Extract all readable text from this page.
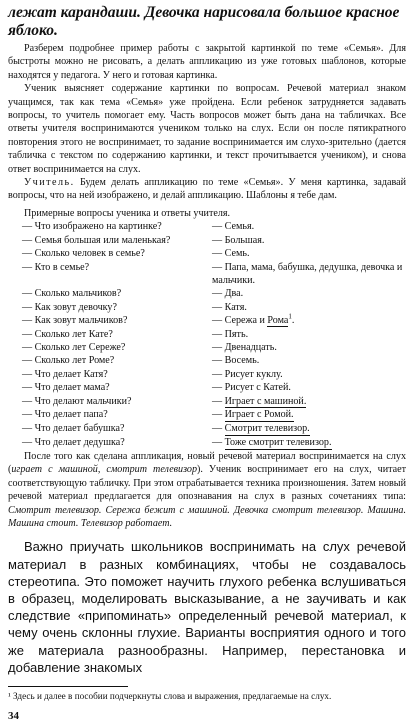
лежат карандаши. Девочка нарисовала большое красное яблоко.

Разберем подробнее пример работы с закрытой картинкой по теме «Семья». Для быстроты можно не рисовать, а делать аппликацию из уже готовых шаблонов, которые находятся у педагога. У него и готовая картинка.

Ученик выясняет содержание картинки по вопросам. Речевой материал знаком учащимся, так как тема «Семья» уже пройдена. Если ребенок затрудняется задавать вопросы, то учитель помогает ему. Часть вопросов может быть дана на табличках. Все ответы учителя воспринимаются учеником только на слух. Если он после пятикратного повторения этого не воспринимает, то задание воспринимается им слухо-зрительно (дается табличка с текстом по содержанию картинки, и текст прочитывается учеником), и снова ответ воспринимается на слух.

Учитель. Будем делать аппликацию по теме «Семья». У меня картинка, задавай вопросы, что на ней изображено, и делай аппликацию. Шаблоны я тебе дам.

Примерные вопросы ученика и ответы учителя.
— Что изображено на картинке?	— Семья.
— Семья большая или маленькая?	— Большая.
— Сколько человек в семье?	— Семь.
— Кто в семье?	— Папа, мама, бабушка, дедушка, девочка и мальчики.
— Сколько мальчиков?	— Два.
— Как зовут девочку?	— Катя.
— Как зовут мальчиков?	— Сережа и Рома$^1$.
— Сколько лет Кате?	— Пять.
— Сколько лет Сереже?	— Двенадцать.
— Сколько лет Роме?	— Восемь.
— Что делает Катя?	— Рисует куклу.
— Что делает мама?	— Рисует с Катей.
— Что делают мальчики?	— Играет с машиной.
— Что делает папа?	— Играет с Ромой.
— Что делает бабушка?	— Смотрит телевизор.
— Что делает дедушка?	— Тоже смотрит телевизор.

После того как сделана аппликация, новый речевой материал воспринимается на слух (играет с машиной, смотрит телевизор). Ученик воспринимает его на слух, читает соответствующую табличку. При этом отрабатывается техника произношения. Затем новый речевой материал предлагается для опознавания на слух в разных сочетаниях типа: Смотрит телевизор. Сережа бежит с машиной. Девочка смотрит телевизор. Машина. Машина стоит. Телевизор работает.

Важно приучать школьников воспринимать на слух речевой материал в разных комбинациях, чтобы не создавалось стереотипа. Это поможет научить глухого ребенка вслушиваться в образец, моделировать высказывание, а не заучивать и как следствие «припоминать» определенный речевой материал, к чему очень склонны глухие. Варианты восприятия одного и того же материала разнообразны. Например, перестановка и добавление знакомых

¹ Здесь и далее в пособии подчеркнуты слова и выражения, предлагаемые на слух.

34
